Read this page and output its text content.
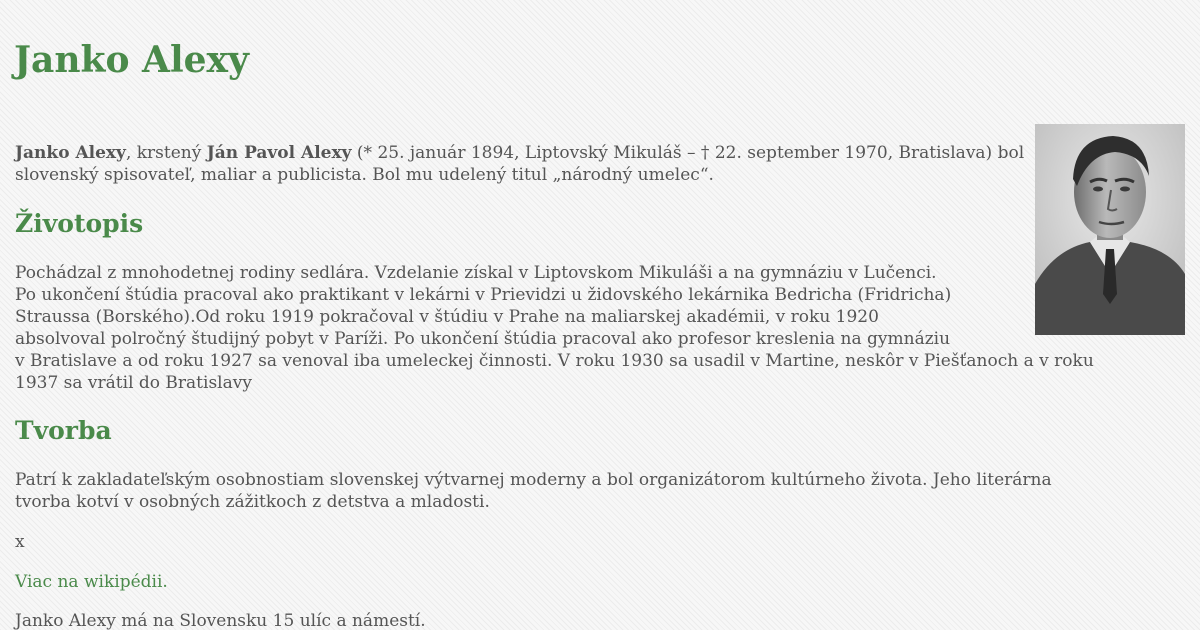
Janko Alexy

Janko Alexy, krstený Ján Pavol Alexy (* 25. január 1894, Liptovský Mikuláš – † 22. september 1970, Bratislava) bol slovenský spisovateľ, maliar a publicista. Bol mu udelený titul „národný umelec“.

Životopis

Pochádzal z mnohodetnej rodiny sedlára. Vzdelanie získal v Liptovskom Mikuláši a na gymnáziu v Lučenci.
Po ukončení štúdia pracoval ako praktikant v lekárni v Prievidzi u židovského lekárnika Bedricha (Fridricha)
Straussa (Borského).Od roku 1919 pokračoval v štúdiu v Prahe na maliarskej akadémii, v roku 1920
absolvoval polročný študijný pobyt v Paríži. Po ukončení štúdia pracoval ako profesor kreslenia na gymnáziu
v Bratislave a od roku 1927 sa venoval iba umeleckej činnosti. V roku 1930 sa usadil v Martine, neskôr v Piešťanoch a v roku
1937 sa vrátil do Bratislavy

Tvorba

Patrí k zakladateľským osobnostiam slovenskej výtvarnej moderny a bol organizátorom kultúrneho života. Jeho literárna
tvorba kotví v osobných zážitkoch z detstva a mladosti.

x

Viac na wikipédii.

Janko Alexy má na Slovensku 15 ulíc a námestí.
